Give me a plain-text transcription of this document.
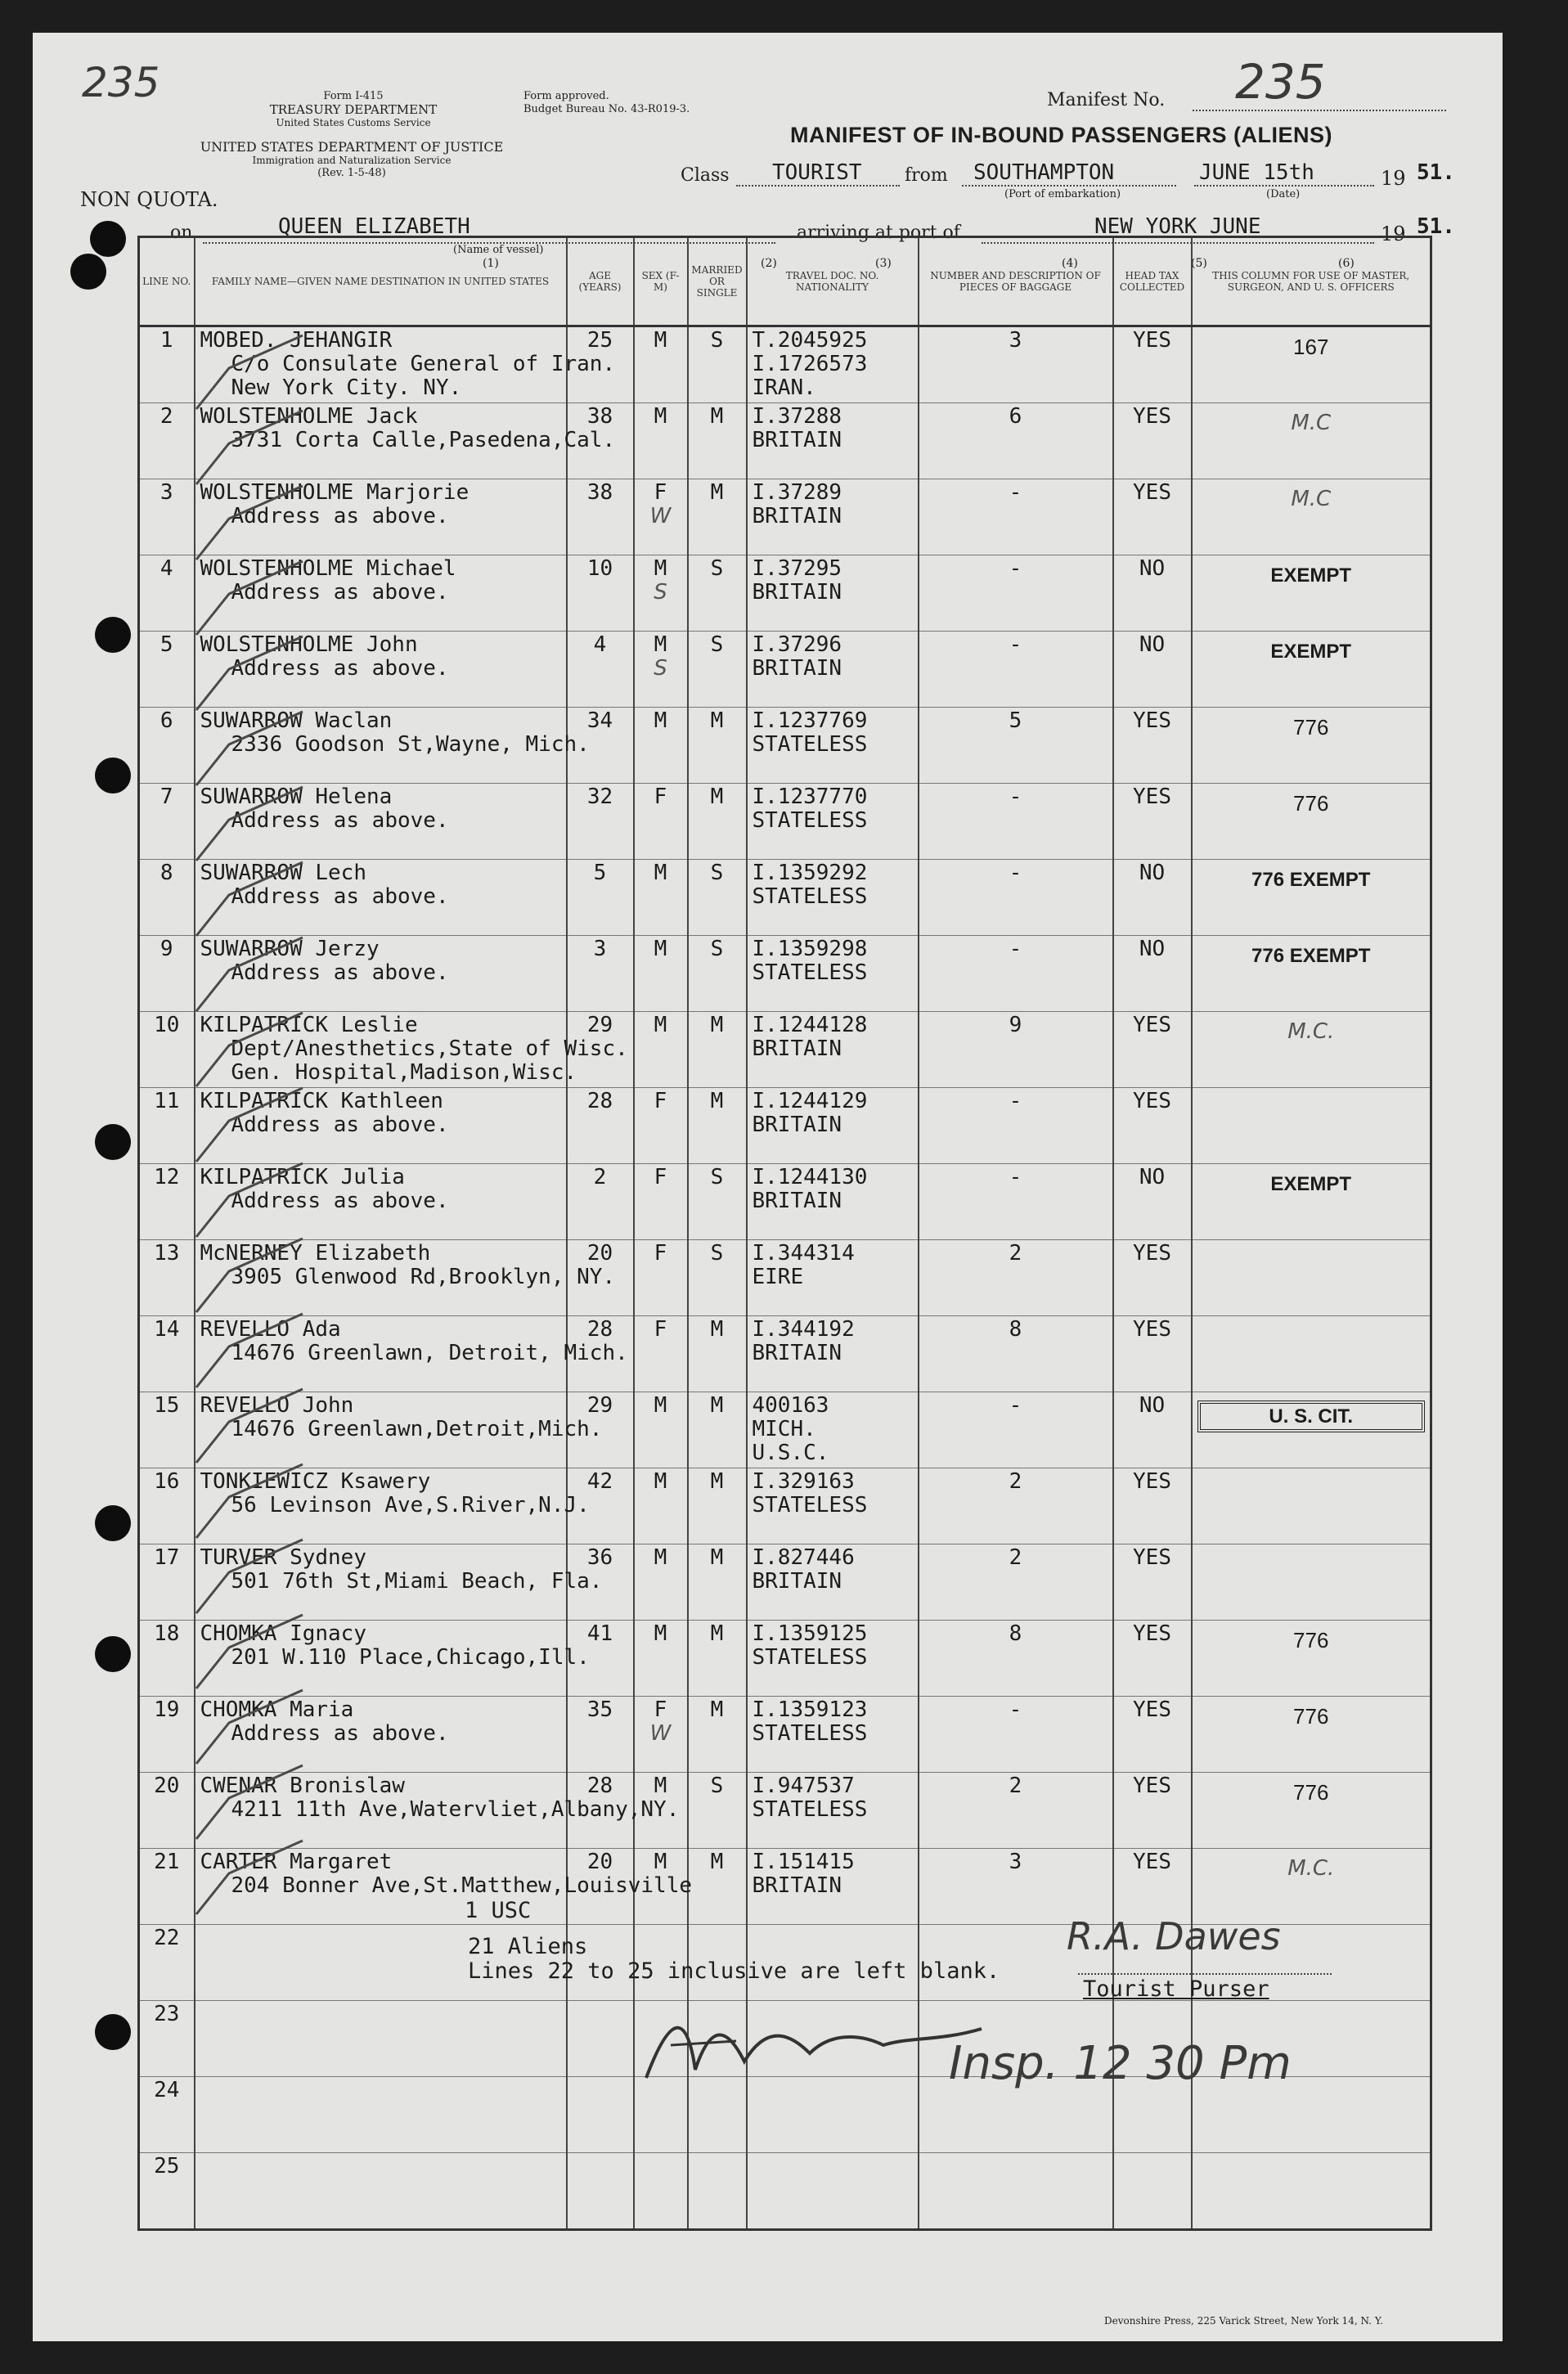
235	Form I-415
TREASURY DEPARTMENT
United States Customs Service
Form approved.
Budget Bureau No. 43-R019-3.
UNITED STATES DEPARTMENT OF JUSTICE
Immigration and Naturalization Service
(Rev. 1-5-48)
Manifest No. 235
MANIFEST OF IN-BOUND PASSENGERS (ALIENS)
NON QUOTA.
Class TOURIST from SOUTHAMPTON
(Port of embarkation)
JUNE 15th
(Date)
19 51.
on	QUEEN ELIZABETH
(Name of vessel)
arriving at port of	NEW YORK JUNE	19 51.
(1)	(2)	(3)	(4)	(5)	(6)
LINE NO.	FAMILY NAME—GIVEN NAME DESTINATION IN UNITED STATES	AGE (YEARS)	SEX (F-M)	MARRIED OR SINGLE	TRAVEL DOC. NO. NATIONALITY	NUMBER AND DESCRIPTION OF PIECES OF BAGGAGE	HEAD TAX COLLECTED	THIS COLUMN FOR USE OF MASTER, SURGEON, AND U. S. OFFICERS

1	MOBED. JEHANGIR
C/o Consulate General of Iran.
New York City. NY.	25	M	S	T.2045925
I.1726573
IRAN.	3	YES	167

2	WOLSTENHOLME Jack
3731 Corta Calle,Pasedena,Cal.	38	M	M	I.37288
BRITAIN	6	YES	M.C

3	WOLSTENHOLME Marjorie
Address as above.	38	F
W	M	I.37289
BRITAIN	-	YES	M.C

4	WOLSTENHOLME Michael
Address as above.	10	M
S	S	I.37295
BRITAIN	-	NO	EXEMPT

5	WOLSTENHOLME John
Address as above.	4	M
S	S	I.37296
BRITAIN	-	NO	EXEMPT

6	SUWARROW Waclan
2336 Goodson St,Wayne, Mich.	34	M	M	I.1237769
STATELESS	5	YES	776

7	SUWARROW Helena
Address as above.	32	F	M	I.1237770
STATELESS	-	YES	776

8	SUWARROW Lech
Address as above.	5	M	S	I.1359292
STATELESS	-	NO	776 EXEMPT

9	SUWARROW Jerzy
Address as above.	3	M	S	I.1359298
STATELESS	-	NO	776 EXEMPT

10	KILPATRICK Leslie
Dept/Anesthetics,State of Wisc.
Gen. Hospital,Madison,Wisc.	29	M	M	I.1244128
BRITAIN	9	YES	M.C.

11	KILPATRICK Kathleen
Address as above.	28	F	M	I.1244129
BRITAIN	-	YES	

12	KILPATRICK Julia
Address as above.	2	F	S	I.1244130
BRITAIN	-	NO	EXEMPT

13	McNERNEY Elizabeth
3905 Glenwood Rd,Brooklyn, NY.	20	F	S	I.344314
EIRE	2	YES	

14	REVELLO Ada
14676 Greenlawn, Detroit, Mich.	28	F	M	I.344192
BRITAIN	8	YES	

15	REVELLO John
14676 Greenlawn,Detroit,Mich.	29	M	M	400163
MICH.
U.S.C.	-	NO	U. S. CIT.

16	TONKIEWICZ Ksawery
56 Levinson Ave,S.River,N.J.	42	M	M	I.329163
STATELESS	2	YES	

17	TURVER Sydney
501 76th St,Miami Beach, Fla.	36	M	M	I.827446
BRITAIN	2	YES	

18	CHOMKA Ignacy
201 W.110 Place,Chicago,Ill.	41	M	M	I.1359125
STATELESS	8	YES	776

19	CHOMKA Maria
Address as above.	35	F
W	M	I.1359123
STATELESS	-	YES	776

20	CWENAR Bronislaw
4211 11th Ave,Watervliet,Albany,NY.	28	M	S	I.947537
STATELESS	2	YES	776

21	CARTER Margaret
204 Bonner Ave,St.Matthew,Louisville	20	M	M	I.151415
BRITAIN	3	YES	M.C.

22								

23								

24								

25								

1 USC
21 Aliens
Lines 22 to 25 inclusive are left blank.
R.A. Dawes
Tourist Purser
Insp. 12 30 Pm
Devonshire Press, 225 Varick Street, New York 14, N. Y.
